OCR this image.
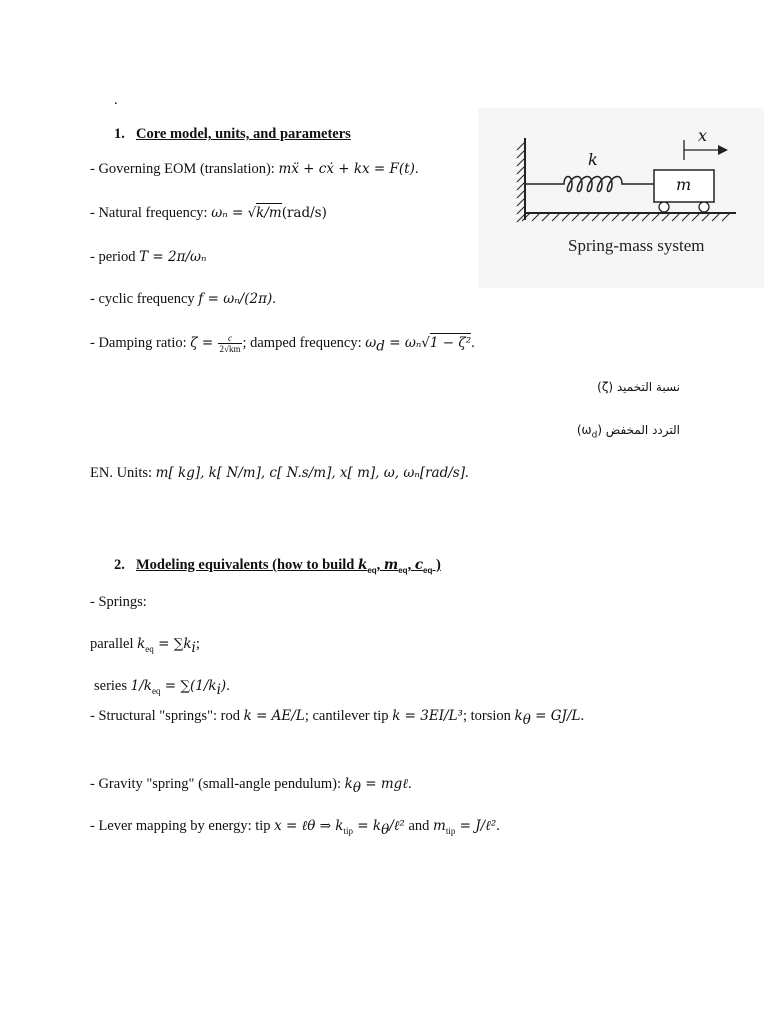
.
1. Core model, units, and parameters
- Governing EOM (translation): mẍ + cẋ + kx = F(t).
- Natural frequency: ωₙ = √k/m(rad/s)
- period T = 2π/ωₙ
- cyclic frequency f = ωₙ/(2π).
- Damping ratio: $\zeta = \frac{c}{2√km}$ ; damped frequency: $\omega_d = \omega_n√1 - \zeta^2$.
نسبة التخميد (ζ)
التردد المخفض $(\omega_d)$
EN. Units: m[ kg], k[ N/m], c[ N.s/m], x[ m], ω, ωₙ[rad/s].
k
m
x
Spring-mass system
2. Modeling equivalents (how to build $k_{eq}$, $m_{eq}$, $c_{eq}$ )
- Springs:
parallel $k_{eq} = \sum k_i$;
series $1/k_{eq} = \sum(1/k_i)$.
- Structural "springs": rod k = AE/L; cantilever tip k = 3EI/L³; torsion $k_\theta = GJ/L$.
- Gravity "spring" (small-angle pendulum): $k_\theta$ = mgℓ.
- Lever mapping by energy: tip x = ℓθ ⇒ $k_{tip}$ = $k_\theta/\ell^2$ and $m_{tip}$ = J/ℓ².
